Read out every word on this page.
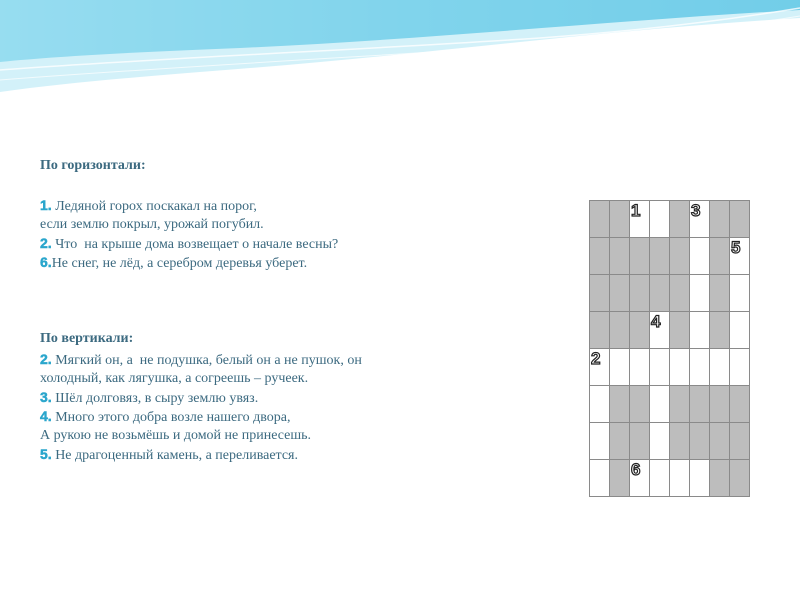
По горизонтали:
1. Ледяной горох поскакал на порог,
если землю покрыл, урожай погубил.
2. Что  на крыше дома возвещает о начале весны?
6.Не снег, не лёд, а серебром деревья уберет.
По вертикали:
2. Мягкий он, а  не подушка, белый он а не пушок, он
холодный, как лягушка, а согреешь – ручеек.
3. Шёл долговяз, в сыру землю увяз.
4. Много этого добра возле нашего двора,
А рукою не возьмёшь и домой не принесешь.
5. Не драгоценный камень, а переливается.

		1			3		

							5

			4				

2							

		6					
